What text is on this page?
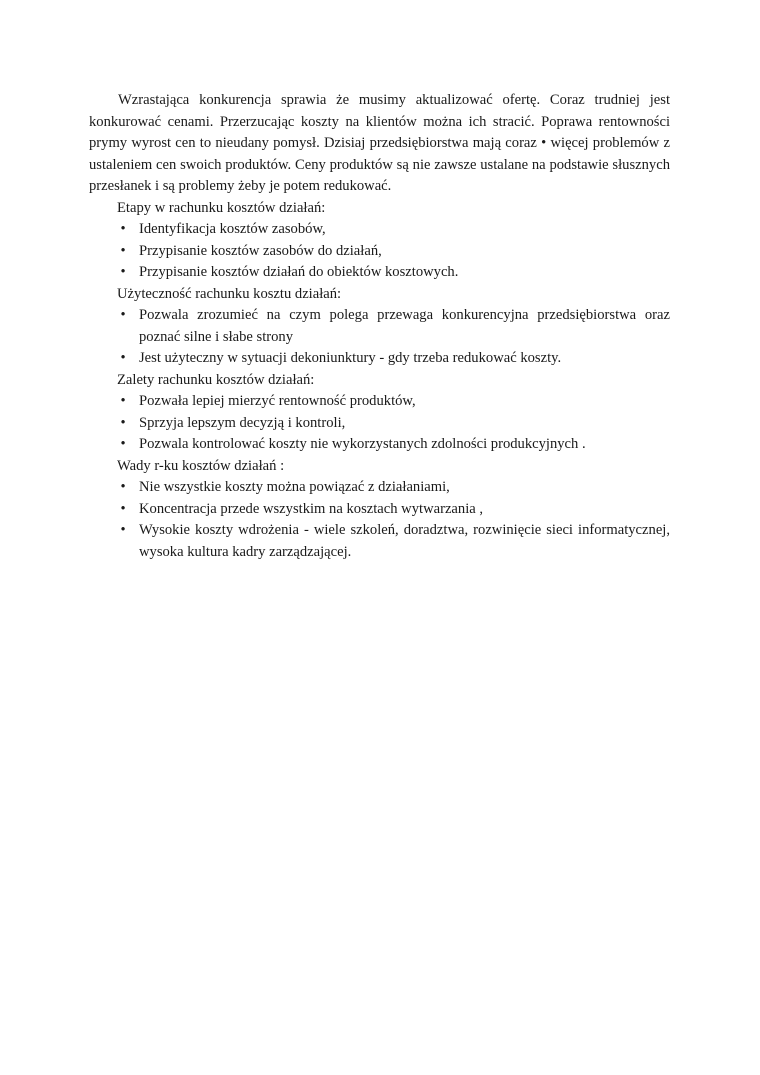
Wzrastająca konkurencja sprawia że musimy aktualizować ofertę. Coraz trudniej jest konkurować cenami. Przerzucając koszty na klientów można ich stracić. Poprawa rentowności prymy wyrost cen to nieudany pomysł. Dzisiaj przedsiębiorstwa mają coraz • więcej problemów z ustaleniem cen swoich produktów. Ceny produktów są nie zawsze ustalane na podstawie słusznych przesłanek i są problemy żeby je potem redukować.

Etapy w rachunku kosztów działań:

• Identyfikacja kosztów zasobów,
• Przypisanie kosztów zasobów do działań,
• Przypisanie kosztów działań do obiektów kosztowych.

Użyteczność rachunku kosztu działań:

• Pozwala zrozumieć na czym polega przewaga konkurencyjna przedsiębiorstwa oraz poznać silne i słabe strony
• Jest użyteczny w sytuacji dekoniunktury - gdy trzeba redukować koszty.

Zalety rachunku kosztów działań:

• Pozwała lepiej mierzyć rentowność produktów,
• Sprzyja lepszym decyzją i kontroli,
• Pozwala kontrolować koszty nie wykorzystanych zdolności produkcyjnych .

Wady r-ku kosztów działań :

• Nie wszystkie koszty można powiązać z działaniami,
• Koncentracja przede wszystkim na kosztach wytwarzania ,
• Wysokie koszty wdrożenia - wiele szkoleń, doradztwa, rozwinięcie sieci informatycznej, wysoka kultura kadry zarządzającej.
